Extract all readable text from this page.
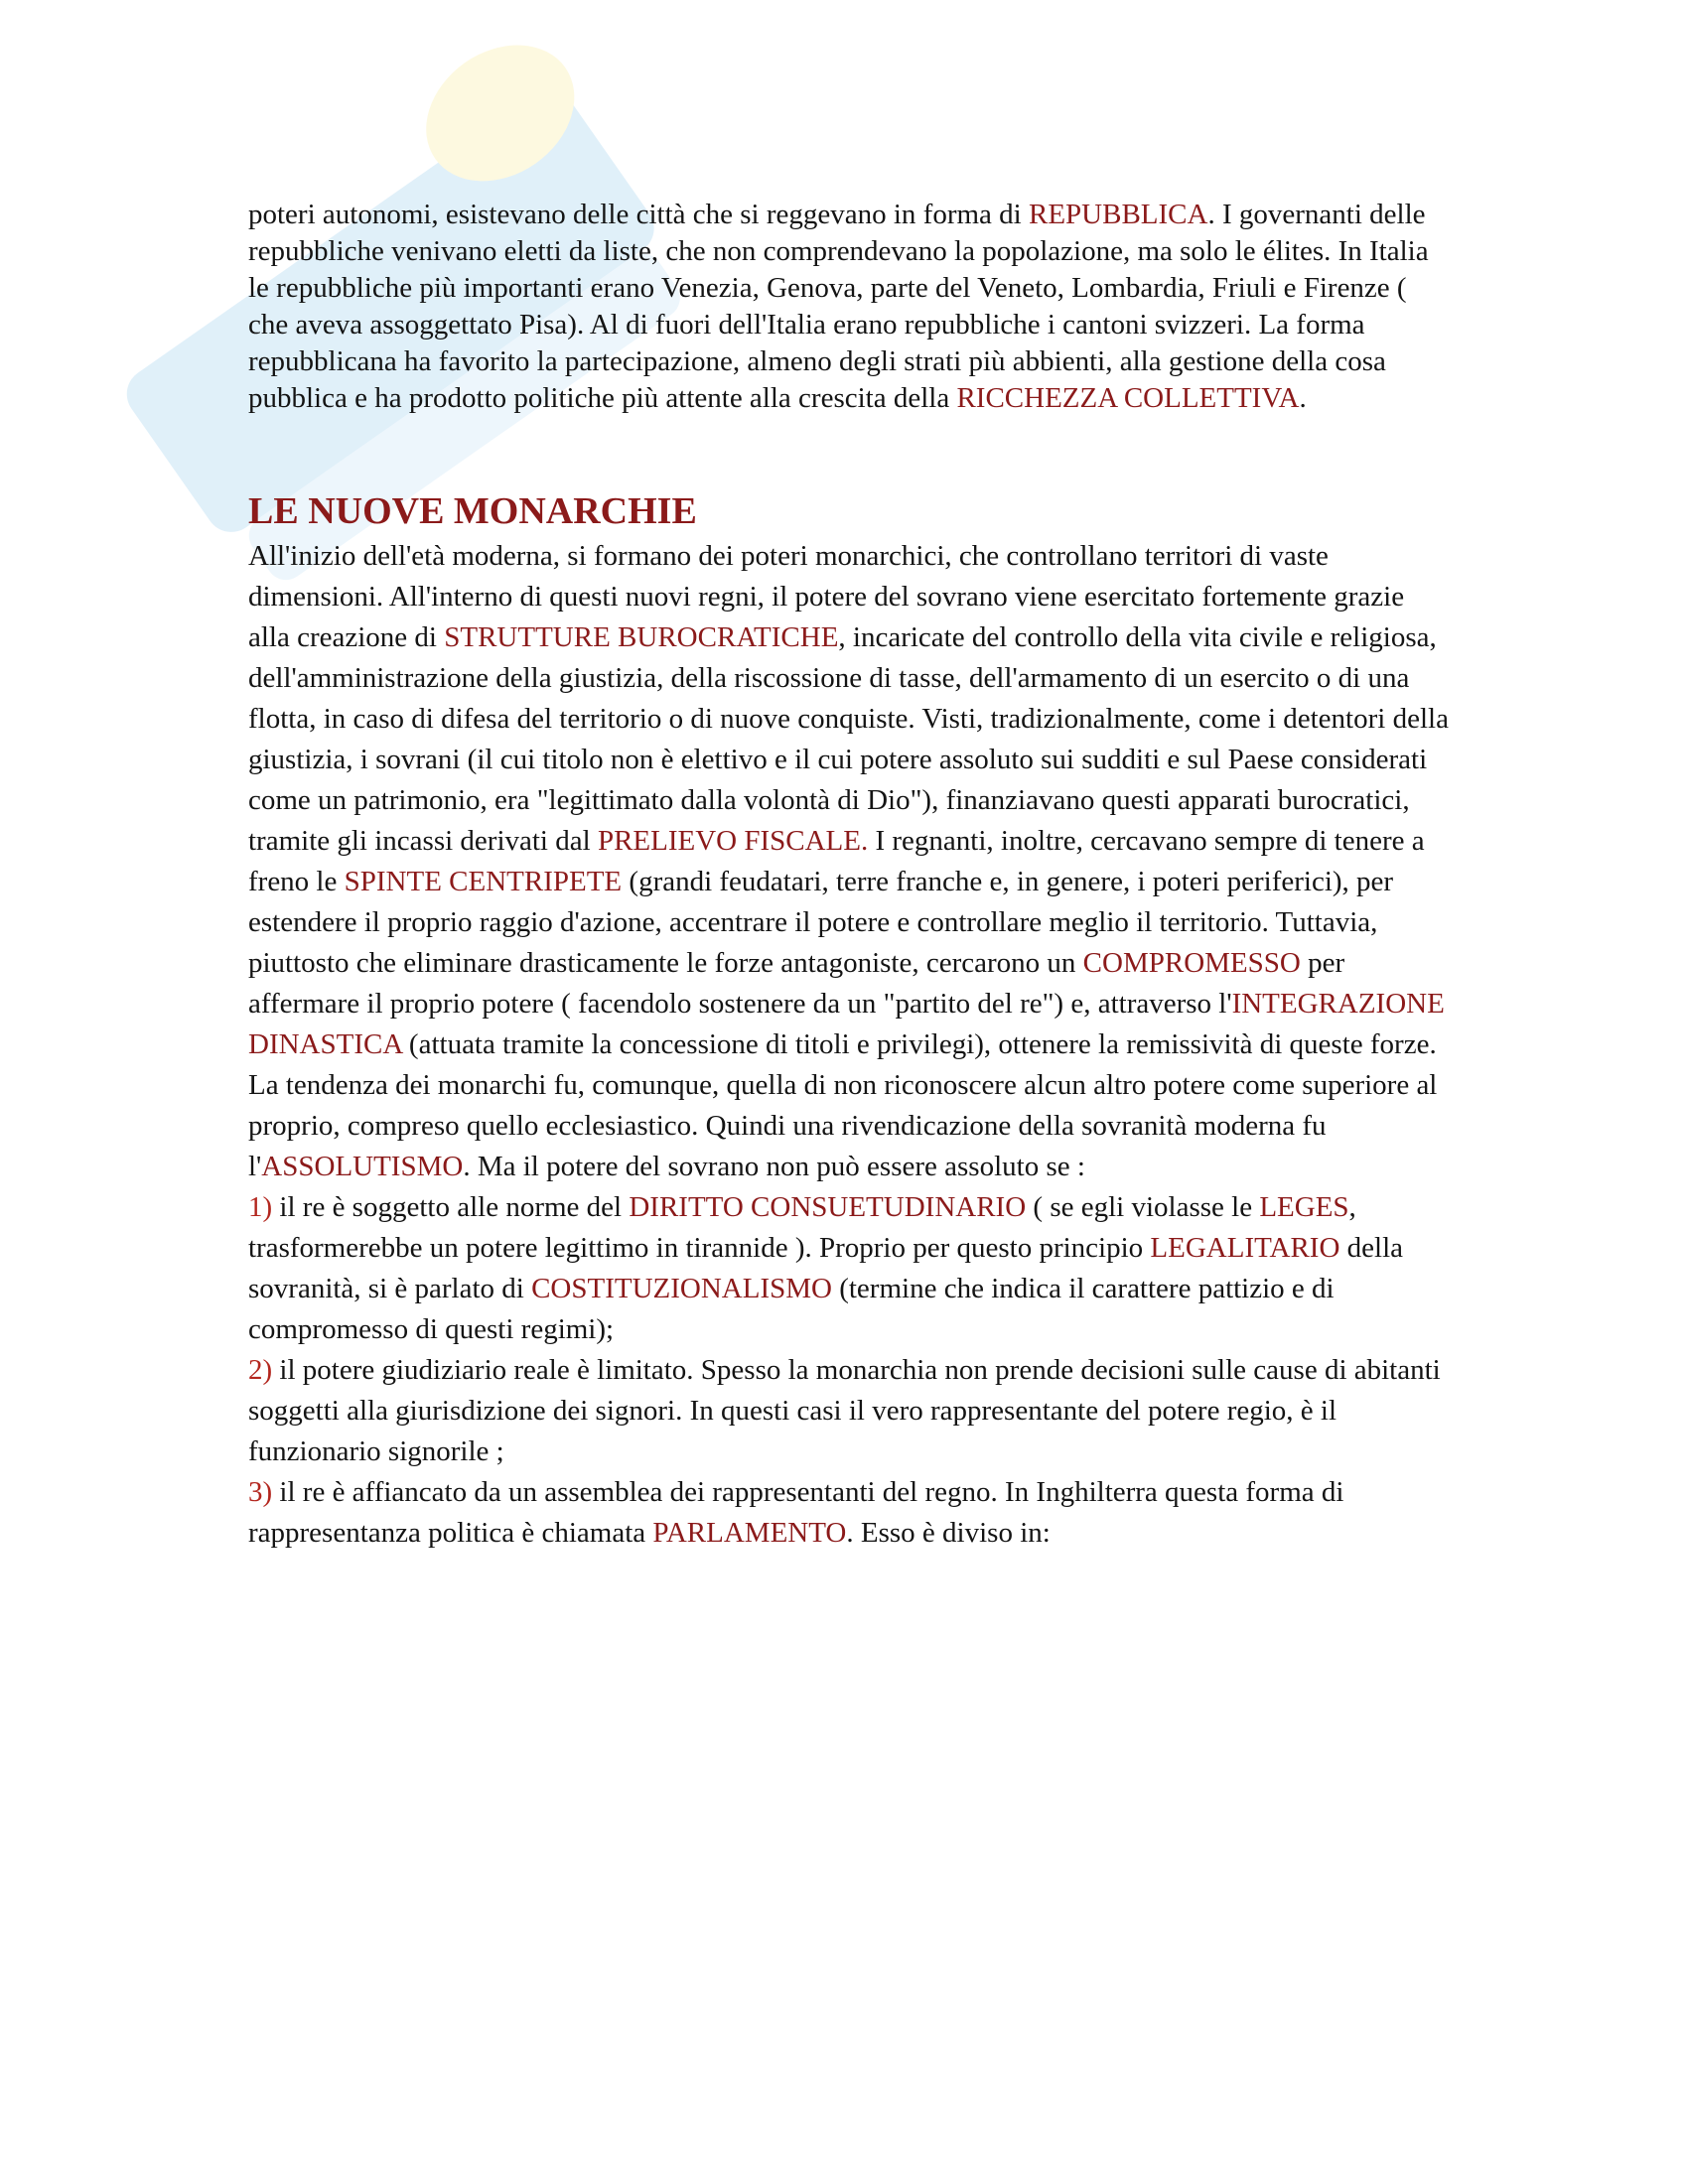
poteri autonomi, esistevano delle città che si reggevano in forma di REPUBBLICA. I governanti delle repubbliche venivano eletti da liste, che non comprendevano la popolazione, ma solo le élites. In Italia le repubbliche più importanti erano Venezia, Genova, parte del Veneto, Lombardia, Friuli e Firenze ( che aveva assoggettato Pisa). Al di fuori dell'Italia erano repubbliche i cantoni svizzeri. La forma repubblicana ha favorito la partecipazione, almeno degli strati più abbienti, alla gestione della cosa pubblica e ha prodotto politiche più attente alla crescita della RICCHEZZA COLLETTIVA.

LE NUOVE MONARCHIE

All'inizio dell'età moderna, si formano dei poteri monarchici, che controllano territori di vaste dimensioni. All'interno di questi nuovi regni, il potere del sovrano viene esercitato fortemente grazie alla creazione di STRUTTURE BUROCRATICHE, incaricate del controllo della vita civile e religiosa, dell'amministrazione della giustizia, della riscossione di tasse, dell'armamento di un esercito o di una flotta, in caso di difesa del territorio o di nuove conquiste. Visti, tradizionalmente, come i detentori della giustizia, i sovrani (il cui titolo non è elettivo e il cui potere assoluto sui sudditi e sul Paese considerati come un patrimonio, era "legittimato dalla volontà di Dio"), finanziavano questi apparati burocratici, tramite gli incassi derivati dal PRELIEVO FISCALE. I regnanti, inoltre, cercavano sempre di tenere a freno le SPINTE CENTRIPETE (grandi feudatari, terre franche e, in genere, i poteri periferici), per estendere il proprio raggio d'azione, accentrare il potere e controllare meglio il territorio. Tuttavia, piuttosto che eliminare drasticamente le forze antagoniste, cercarono un COMPROMESSO per affermare il proprio potere ( facendolo sostenere da un "partito del re") e, attraverso l'INTEGRAZIONE DINASTICA (attuata tramite la concessione di titoli e privilegi), ottenere la remissività di queste forze. La tendenza dei monarchi fu, comunque, quella di non riconoscere alcun altro potere come superiore al proprio, compreso quello ecclesiastico. Quindi una rivendicazione della sovranità moderna fu l'ASSOLUTISMO. Ma il potere del sovrano non può essere assoluto se :
1) il re è soggetto alle norme del DIRITTO CONSUETUDINARIO ( se egli violasse le LEGES, trasformerebbe un potere legittimo in tirannide ). Proprio per questo principio LEGALITARIO della sovranità, si è parlato di COSTITUZIONALISMO (termine che indica il carattere pattizio e di compromesso di questi regimi);
2) il potere giudiziario reale è limitato. Spesso la monarchia non prende decisioni sulle cause di abitanti soggetti alla giurisdizione dei signori. In questi casi il vero rappresentante del potere regio, è il funzionario signorile ;
3) il re è affiancato da un assemblea dei rappresentanti del regno. In Inghilterra questa forma di rappresentanza politica è chiamata PARLAMENTO. Esso è diviso in:
